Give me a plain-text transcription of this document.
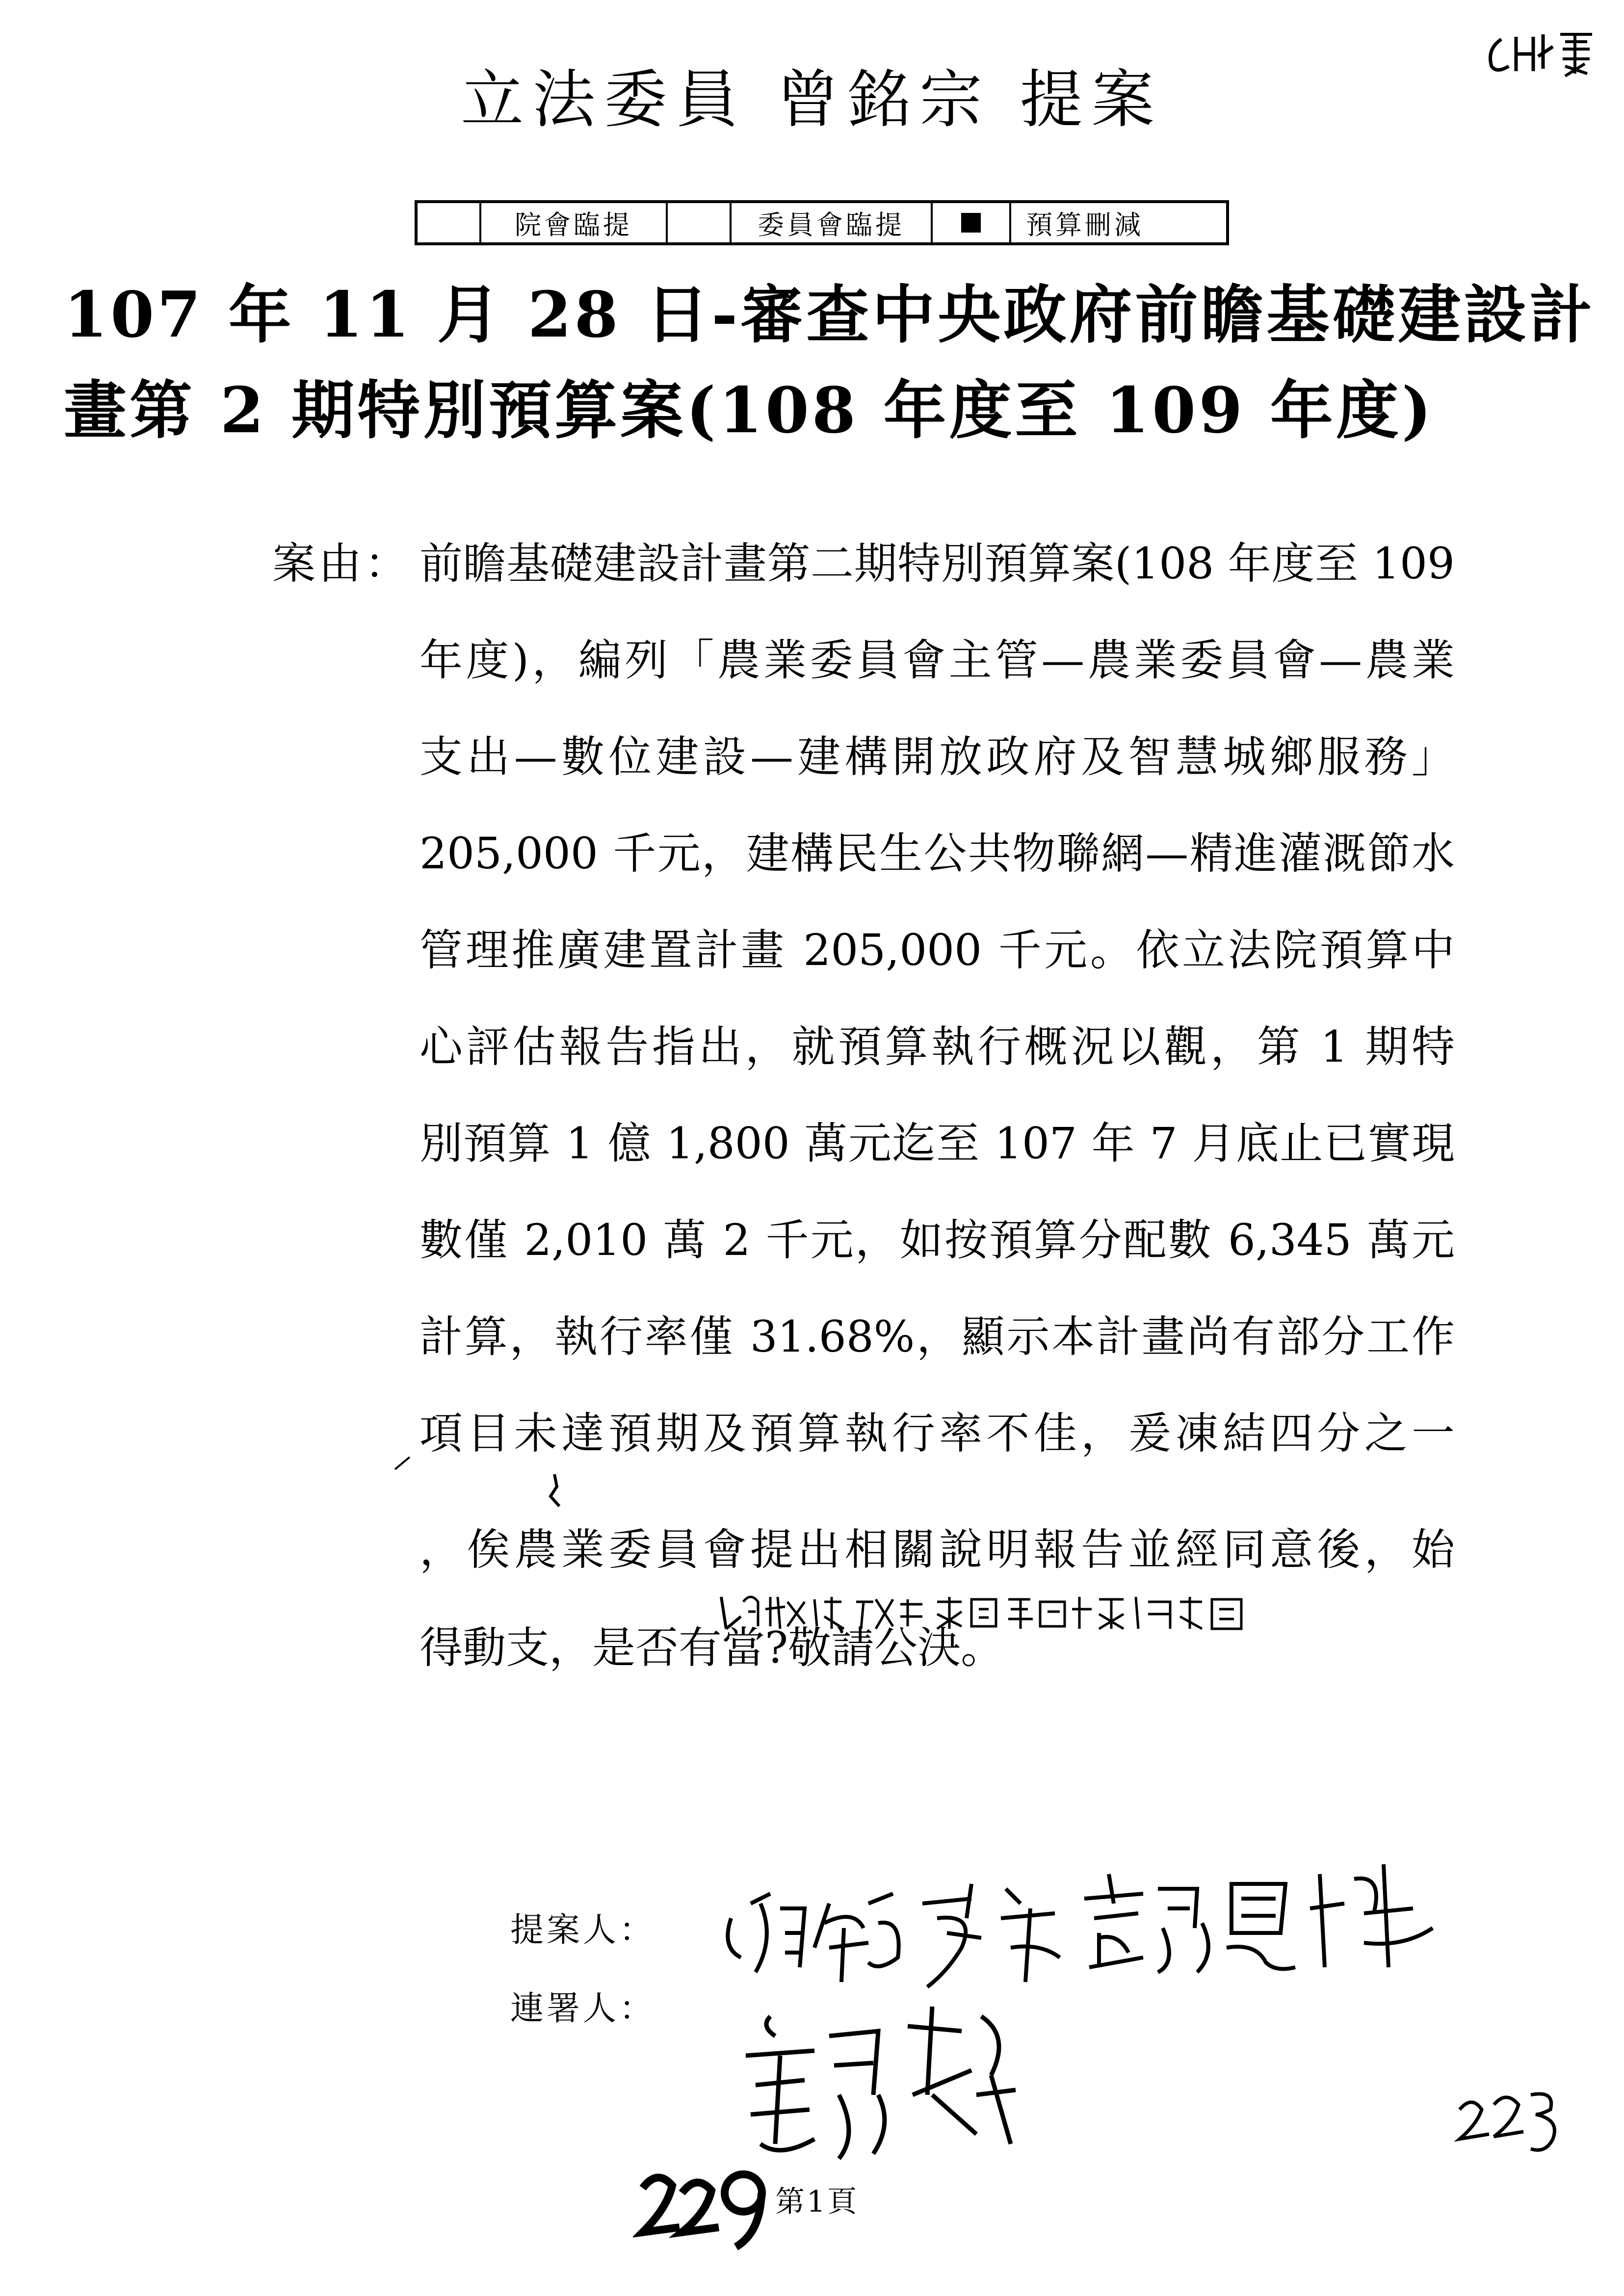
立法委員 曾銘宗 提案
院會臨提	委員會臨提	預算刪減
107 年 11 月 28 日-審查中央政府前瞻基礎建設計
畫第 2 期特別預算案(108 年度至 109 年度)
案由： 前瞻基礎建設計畫第二期特別預算案(108 年度至 109
年度)，編列「農業委員會主管—農業委員會—農業
支出—數位建設—建構開放政府及智慧城鄉服務」
205,000 千元，建構民生公共物聯網—精進灌溉節水
管理推廣建置計畫 205,000 千元。依立法院預算中
心評估報告指出，就預算執行概況以觀，第 1 期特
別預算 1 億 1,800 萬元迄至 107 年 7 月底止已實現
數僅 2,010 萬 2 千元，如按預算分配數 6,345 萬元
計算，執行率僅 31.68%，顯示本計畫尚有部分工作
項目未達預期及預算執行率不佳，爰凍結四分之一
，俟農業委員會提出相關說明報告並經同意後，始
得動支，是否有當?敬請公決。
提案人：
連署人：
第1頁
